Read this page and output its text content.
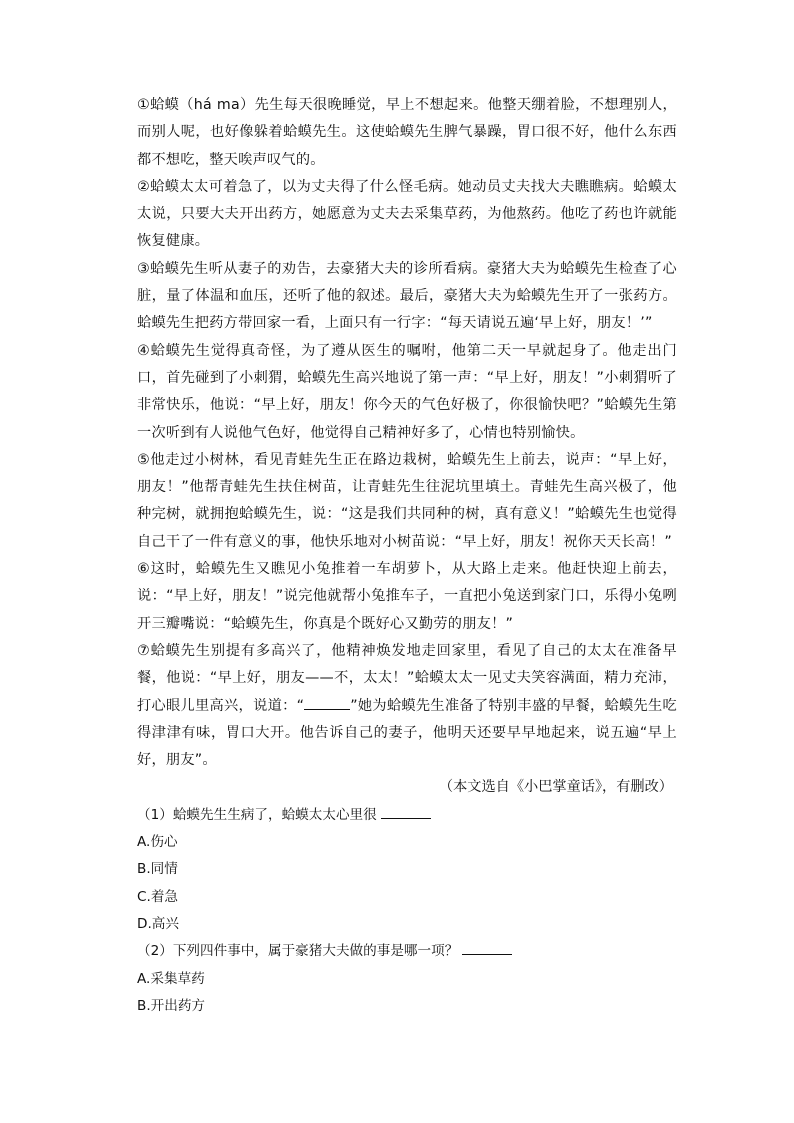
①蛤蟆（há ma）先生每天很晚睡觉，早上不想起来。他整天绷着脸，不想理别人，而别人呢，也好像躲着蛤蟆先生。这使蛤蟆先生脾气暴躁，胃口很不好，他什么东西都不想吃，整天唉声叹气的。

②蛤蟆太太可着急了，以为丈夫得了什么怪毛病。她动员丈夫找大夫瞧瞧病。蛤蟆太太说，只要大夫开出药方，她愿意为丈夫去采集草药，为他熬药。他吃了药也许就能恢复健康。

③蛤蟆先生听从妻子的劝告，去豪猪大夫的诊所看病。豪猪大夫为蛤蟆先生检查了心脏，量了体温和血压，还听了他的叙述。最后，豪猪大夫为蛤蟆先生开了一张药方。蛤蟆先生把药方带回家一看，上面只有一行字：“每天请说五遍‘早上好，朋友！’”

④蛤蟆先生觉得真奇怪，为了遵从医生的嘱咐，他第二天一早就起身了。他走出门口，首先碰到了小刺猬，蛤蟆先生高兴地说了第一声：“早上好，朋友！”小刺猬听了非常快乐，他说：“早上好，朋友！你今天的气色好极了，你很愉快吧？”蛤蟆先生第一次听到有人说他气色好，他觉得自己精神好多了，心情也特别愉快。

⑤他走过小树林，看见青蛙先生正在路边栽树，蛤蟆先生上前去，说声：“早上好，朋友！”他帮青蛙先生扶住树苗，让青蛙先生往泥坑里填土。青蛙先生高兴极了，他种完树，就拥抱蛤蟆先生，说：“这是我们共同种的树，真有意义！”蛤蟆先生也觉得自己干了一件有意义的事，他快乐地对小树苗说：“早上好，朋友！祝你天天长高！”

⑥这时，蛤蟆先生又瞧见小兔推着一车胡萝卜，从大路上走来。他赶快迎上前去，说：“早上好，朋友！”说完他就帮小兔推车子，一直把小兔送到家门口，乐得小兔咧开三瓣嘴说：“蛤蟆先生，你真是个既好心又勤劳的朋友！”

⑦蛤蟆先生别提有多高兴了，他精神焕发地走回家里，看见了自己的太太在准备早餐，他说：“早上好，朋友——不，太太！”蛤蟆太太一见丈夫笑容满面，精力充沛，打心眼儿里高兴，说道：“	”她为蛤蟆先生准备了特别丰盛的早餐，蛤蟆先生吃得津津有味，胃口大开。他告诉自己的妻子，他明天还要早早地起来，说五遍“早上好，朋友”。

（本文选自《小巴掌童话》，有删改）

（1）蛤蟆先生生病了，蛤蟆太太心里很

A.伤心

B.同情

C.着急

D.高兴

（2）下列四件事中，属于豪猪大夫做的事是哪一项？

A.采集草药

B.开出药方
